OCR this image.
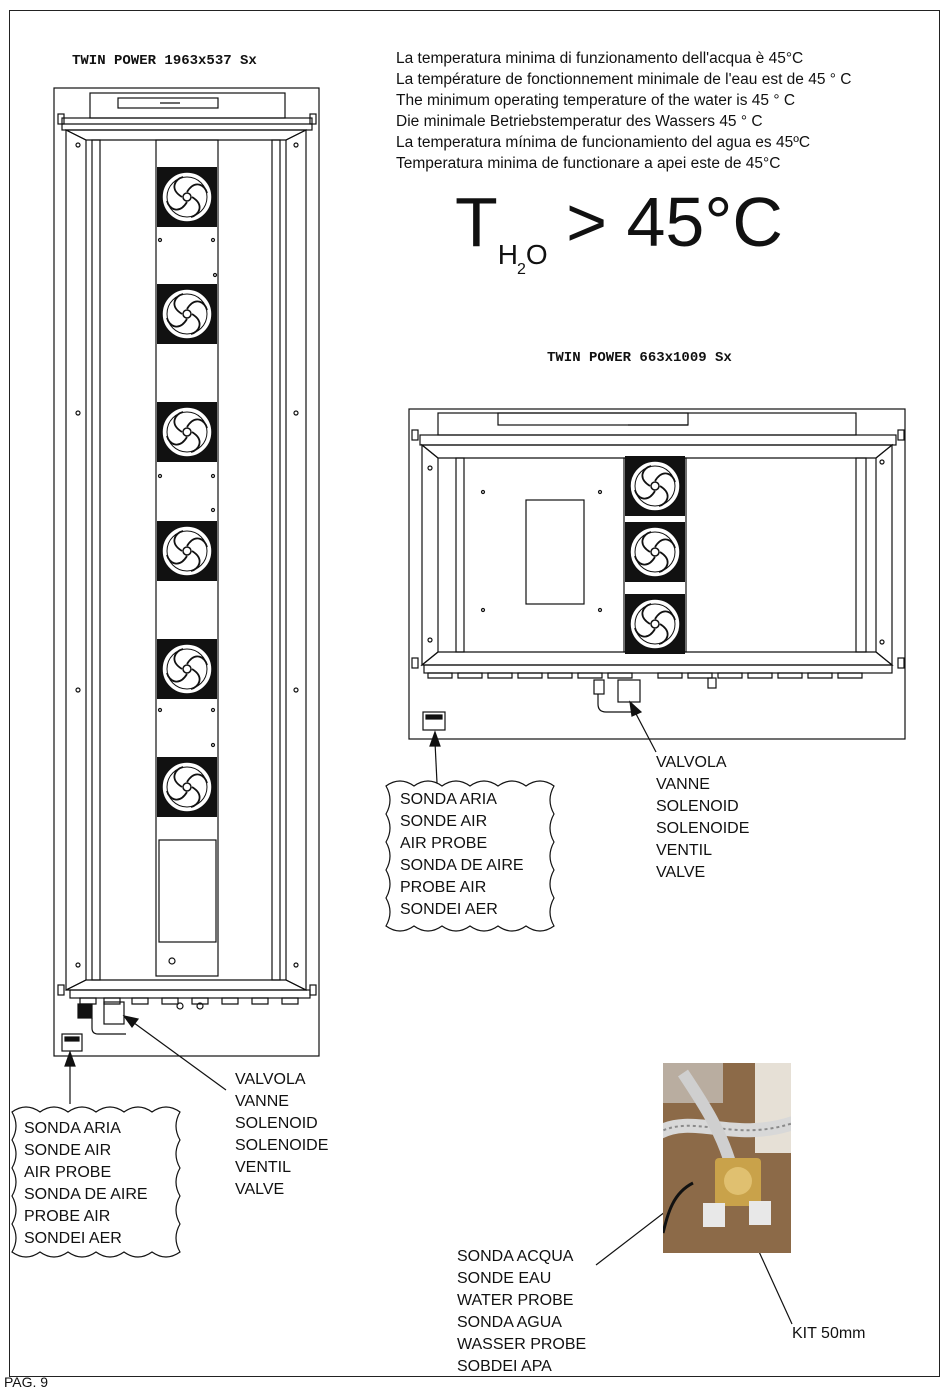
TWIN POWER 1963x537 Sx
TWIN POWER 663x1009 Sx
La temperatura minima di funzionamento dell'acqua è 45°C
La température de fonctionnement minimale de l'eau est de 45 ° C
The minimum operating temperature of the water is 45 ° C
Die minimale Betriebstemperatur des Wassers 45 ° C
La temperatura mínima de funcionamiento del agua es 45ºC
Temperatura minima de functionare a apei este de 45°C
$T_{H2O} > 45^\circ C$
SONDA ARIA
SONDE AIR
AIR PROBE
SONDA DE AIRE
PROBE AIR
SONDEI AER
VALVOLA
VANNE
SOLENOID
SOLENOIDE
VENTIL
VALVE
SONDA ARIA
SONDE AIR
AIR PROBE
SONDA DE AIRE
PROBE AIR
SONDEI AER
VALVOLA
VANNE
SOLENOID
SOLENOIDE
VENTIL
VALVE
SONDA ACQUA
SONDE EAU
WATER PROBE
SONDA AGUA
WASSER PROBE
SOBDEI APA
KIT 50mm
PAG. 9
